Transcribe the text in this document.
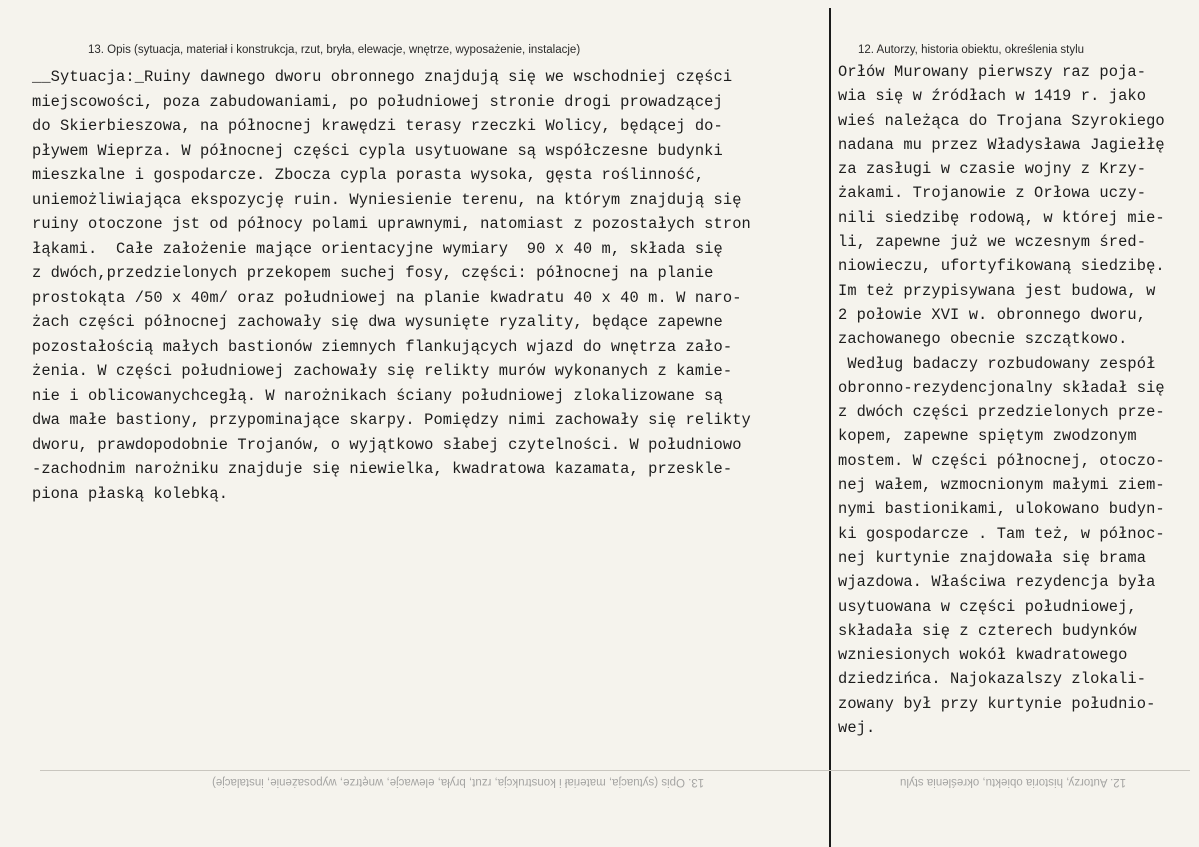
13. Opis (sytuacja, materiał i konstrukcja, rzut, bryła, elewacje, wnętrze, wyposażenie, instalacje)	12. Autorzy, historia obiektu, określenia stylu
__Sytuacja:_Ruiny dawnego dworu obronnego znajdują się we wschodniej części
miejscowości, poza zabudowaniami, po południowej stronie drogi prowadzącej
do Skierbieszowa, na północnej krawędzi terasy rzeczki Wolicy, będącej do-
pływem Wieprza. W północnej części cypla usytuowane są współczesne budynki
mieszkalne i gospodarcze. Zbocza cypla porasta wysoka, gęsta roślinność,
uniemożliwiająca ekspozycję ruin. Wyniesienie terenu, na którym znajdują się
ruiny otoczone jst od północy polami uprawnymi, natomiast z pozostałych stron
łąkami.  Całe założenie mające orientacyjne wymiary  90 x 40 m, składa się
z dwóch,przedzielonych przekopem suchej fosy, części: północnej na planie
prostokąta /50 x 40m/ oraz południowej na planie kwadratu 40 x 40 m. W naro-
żach części północnej zachowały się dwa wysunięte ryzality, będące zapewne
pozostałością małych bastionów ziemnych flankujących wjazd do wnętrza zało-
żenia. W części południowej zachowały się relikty murów wykonanych z kamie-
nie i oblicowanychcegłą. W narożnikach ściany południowej zlokalizowane są
dwa małe bastiony, przypominające skarpy. Pomiędzy nimi zachowały się relikty
dworu, prawdopodobnie Trojanów, o wyjątkowo słabej czytelności. W południowo
-zachodnim narożniku znajduje się niewielka, kwadratowa kazamata, przeskle-
piona płaską kolebką.
Orłów Murowany pierwszy raz poja-
wia się w źródłach w 1419 r. jako
wieś należąca do Trojana Szyrokiego
nadana mu przez Władysława Jagiełłę
za zasługi w czasie wojny z Krzy-
żakami. Trojanowie z Orłowa uczy-
nili siedzibę rodową, w której mie-
li, zapewne już we wczesnym śred-
niowieczu, ufortyfikowaną siedzibę.
Im też przypisywana jest budowa, w
2 połowie XVI w. obronnego dworu,
zachowanego obecnie szczątkowo.
Według badaczy rozbudowany zespół
obronno-rezydencjonalny składał się
z dwóch części przedzielonych prze-
kopem, zapewne spiętym zwodzonym
mostem. W części północnej, otoczo-
nej wałem, wzmocnionym małymi ziem-
nymi bastionikami, ulokowano budyn-
ki gospodarcze . Tam też, w północ-
nej kurtynie znajdowała się brama
wjazdowa. Właściwa rezydencja była
usytuowana w części południowej,
składała się z czterech budynków
wzniesionych wokół kwadratowego
dziedzińca. Najokazalszy zlokali-
zowany był przy kurtynie południo-
wej.
13. Opis (sytuacja, materiał i konstrukcja, rzut, bryła, elewacje, wnętrze, wyposażenie, instalacje)	12. Autorzy, historia obiektu, określenia stylu
